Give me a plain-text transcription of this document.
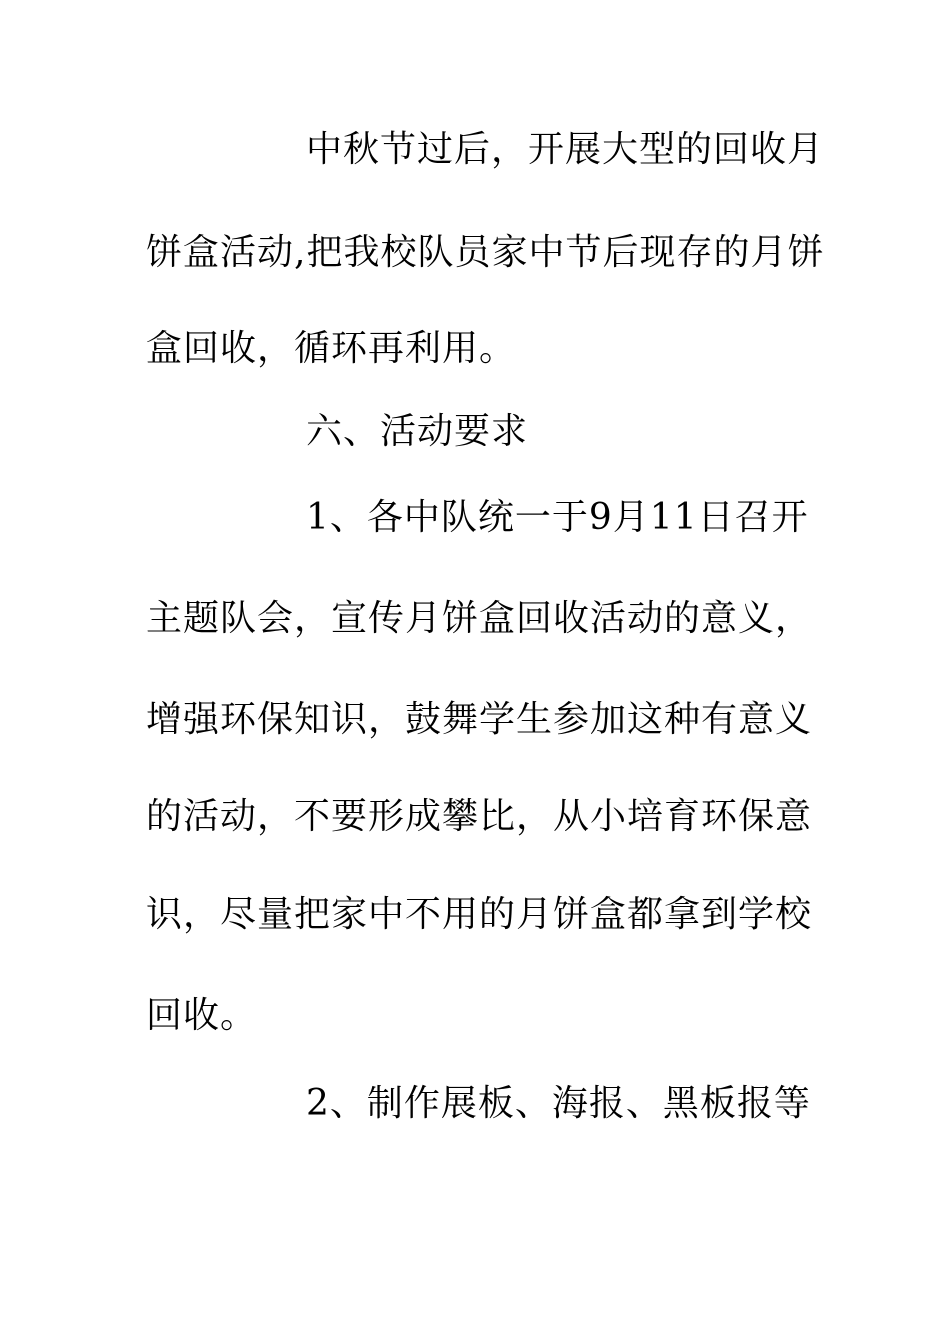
中秋节过后，开展大型的回收月
饼盒活动,把我校队员家中节后现存的月饼
盒回收，循环再利用。
六、活动要求
1、各中队统一于9月11日召开
主题队会，宣传月饼盒回收活动的意义，
增强环保知识，鼓舞学生参加这种有意义
的活动，不要形成攀比，从小培育环保意
识，尽量把家中不用的月饼盒都拿到学校
回收。
2、制作展板、海报、黑板报等
